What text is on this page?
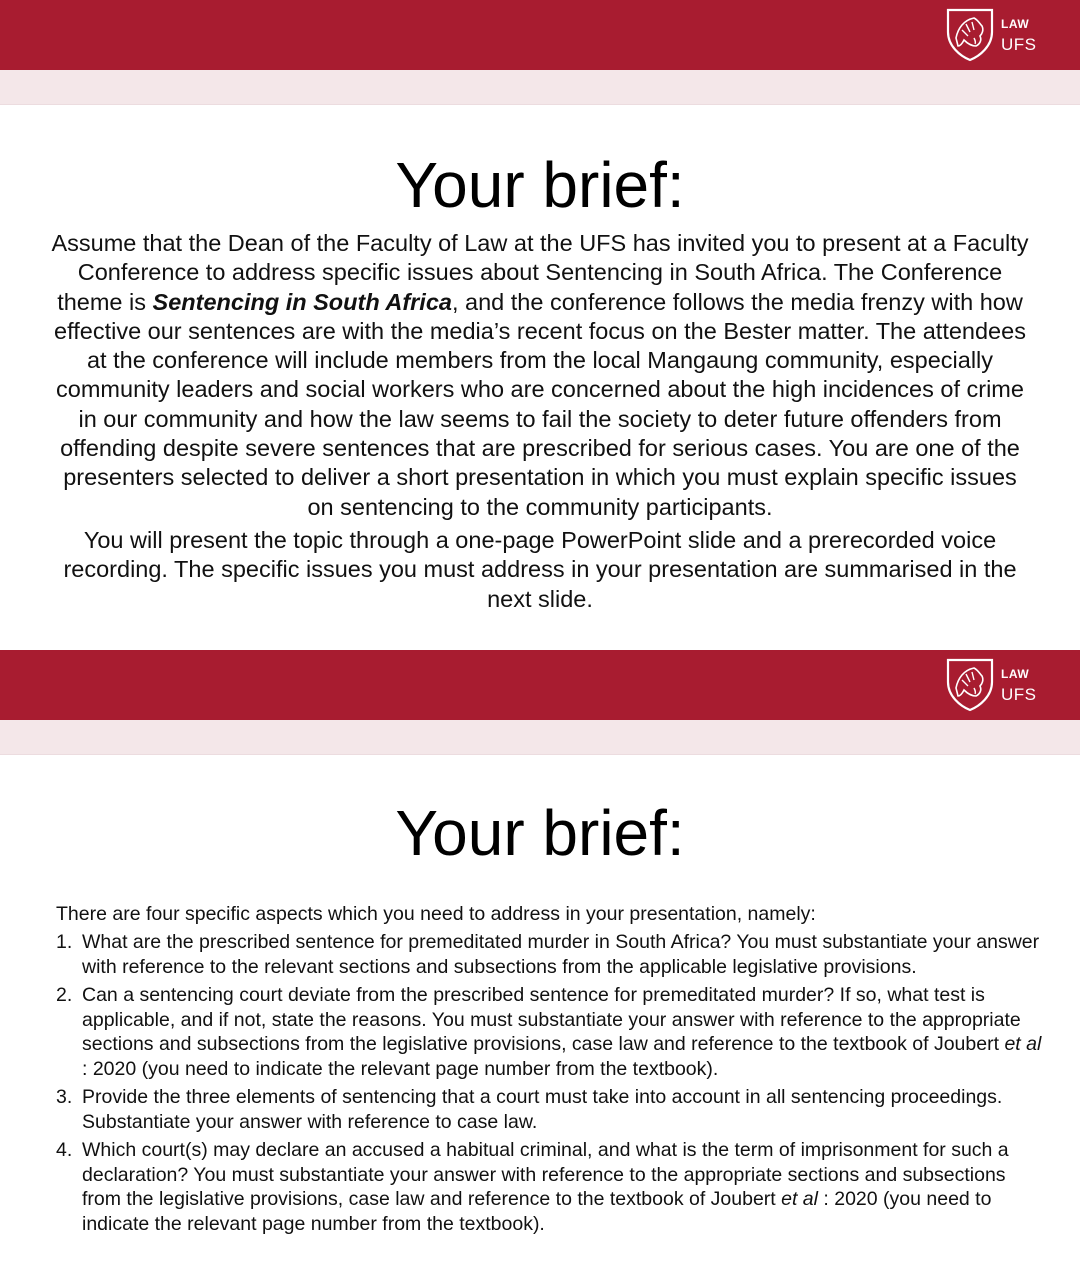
LAW
UFS
Your brief:

Assume that the Dean of the Faculty of Law at the UFS has invited you to present at a Faculty Conference to address specific issues about Sentencing in South Africa. The Conference theme is Sentencing in South Africa, and the conference follows the media frenzy with how effective our sentences are with the media’s recent focus on the Bester matter. The attendees at the conference will include members from the local Mangaung community, especially community leaders and social workers who are concerned about the high incidences of crime in our community and how the law seems to fail the society to deter future offenders from offending despite severe sentences that are prescribed for serious cases. You are one of the presenters selected to deliver a short presentation in which you must explain specific issues on sentencing to the community participants.

You will present the topic through a one-page PowerPoint slide and a prerecorded voice recording. The specific issues you must address in your presentation are summarised in the next slide.

LAW
UFS
Your brief:

There are four specific aspects which you need to address in your presentation, namely:

1. What are the prescribed sentence for premeditated murder in South Africa? You must substantiate your answer with reference to the relevant sections and subsections from the applicable legislative provisions.
2. Can a sentencing court deviate from the prescribed sentence for premeditated murder? If so, what test is applicable, and if not, state the reasons. You must substantiate your answer with reference to the appropriate sections and subsections from the legislative provisions, case law and reference to the textbook of Joubert et al : 2020 (you need to indicate the relevant page number from the textbook).
3. Provide the three elements of sentencing that a court must take into account in all sentencing proceedings. Substantiate your answer with reference to case law.
4. Which court(s) may declare an accused a habitual criminal, and what is the term of imprisonment for such a declaration? You must substantiate your answer with reference to the appropriate sections and subsections from the legislative provisions, case law and reference to the textbook of Joubert et al : 2020 (you need to indicate the relevant page number from the textbook).
